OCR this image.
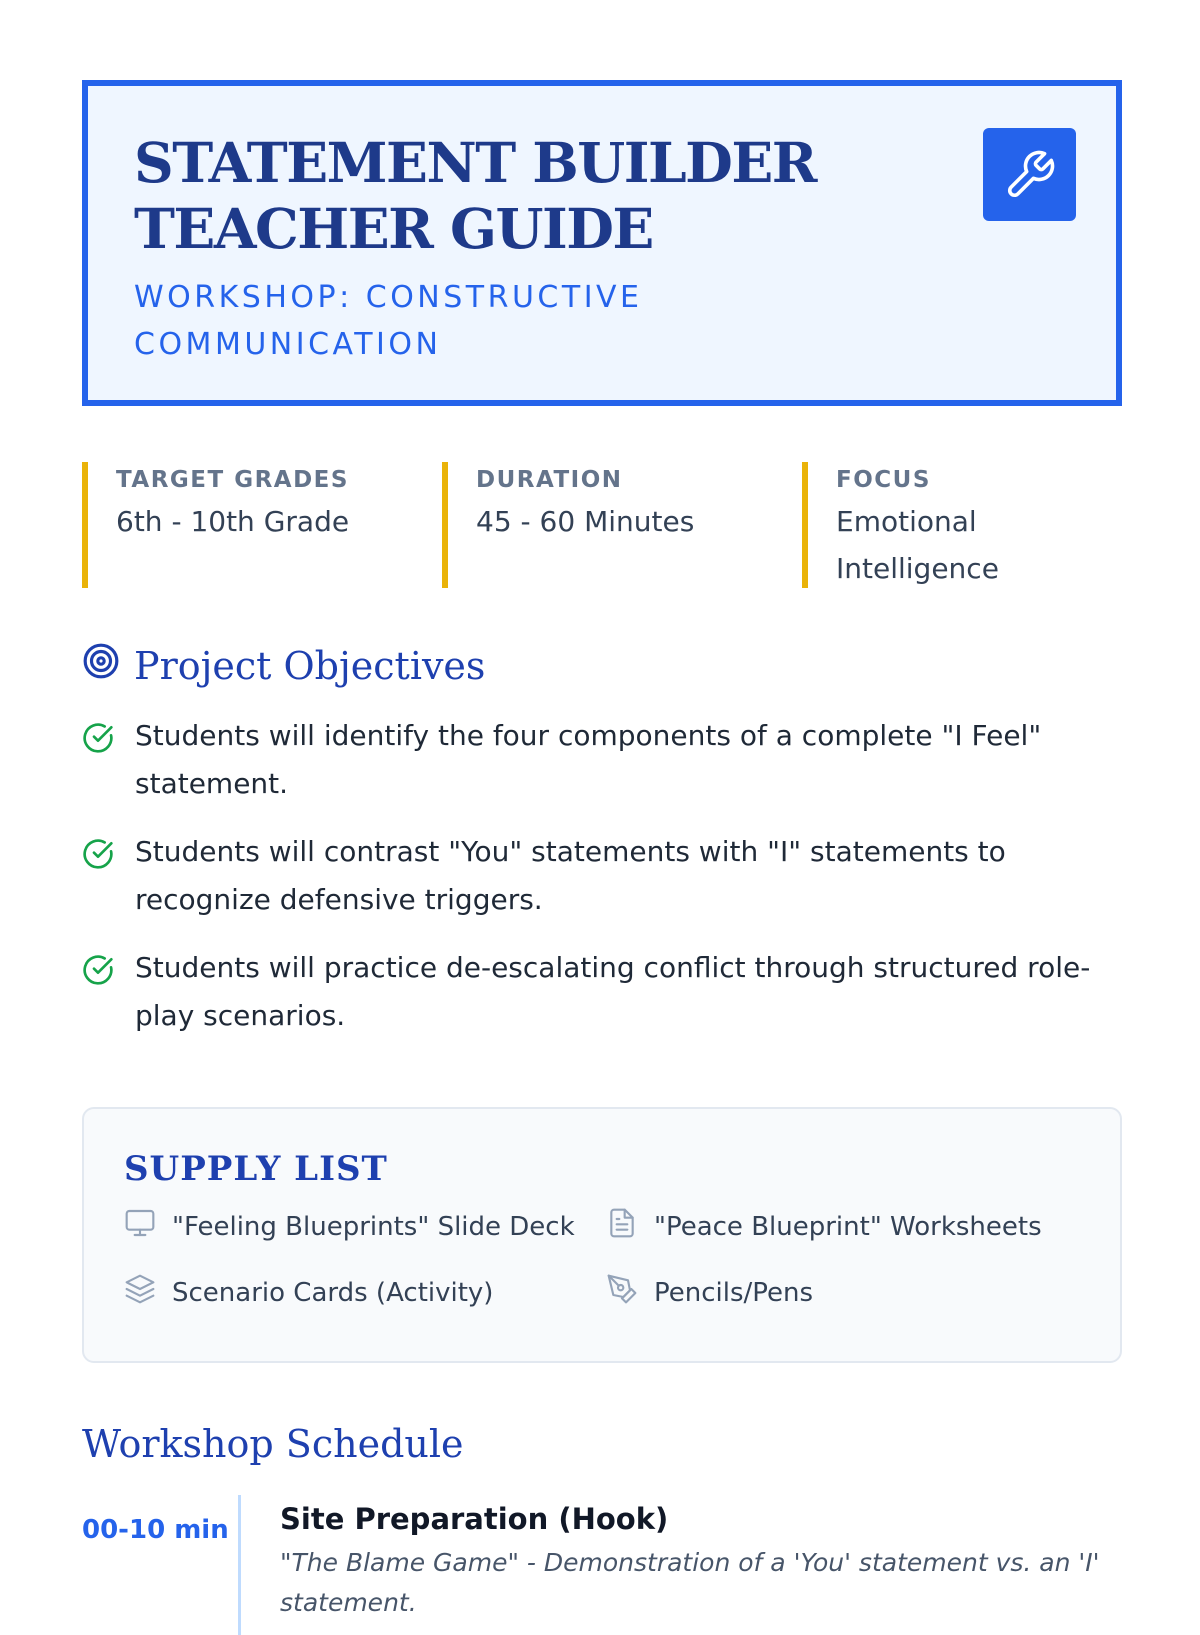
STATEMENT BUILDER TEACHER GUIDE
WORKSHOP: CONSTRUCTIVE COMMUNICATION
TARGET GRADES
6th - 10th Grade
DURATION
45 - 60 Minutes
FOCUS
Emotional Intelligence
Project Objectives
Students will identify the four components of a complete "I Feel" statement.
Students will contrast "You" statements with "I" statements to recognize defensive triggers.
Students will practice de-escalating conflict through structured role-play scenarios.
SUPPLY LIST
"Feeling Blueprints" Slide Deck	"Peace Blueprint" Worksheets
Scenario Cards (Activity)	Pencils/Pens
Workshop Schedule
00-10 min Site Preparation (Hook)
"The Blame Game" - Demonstration of a 'You' statement vs. an 'I' statement.
